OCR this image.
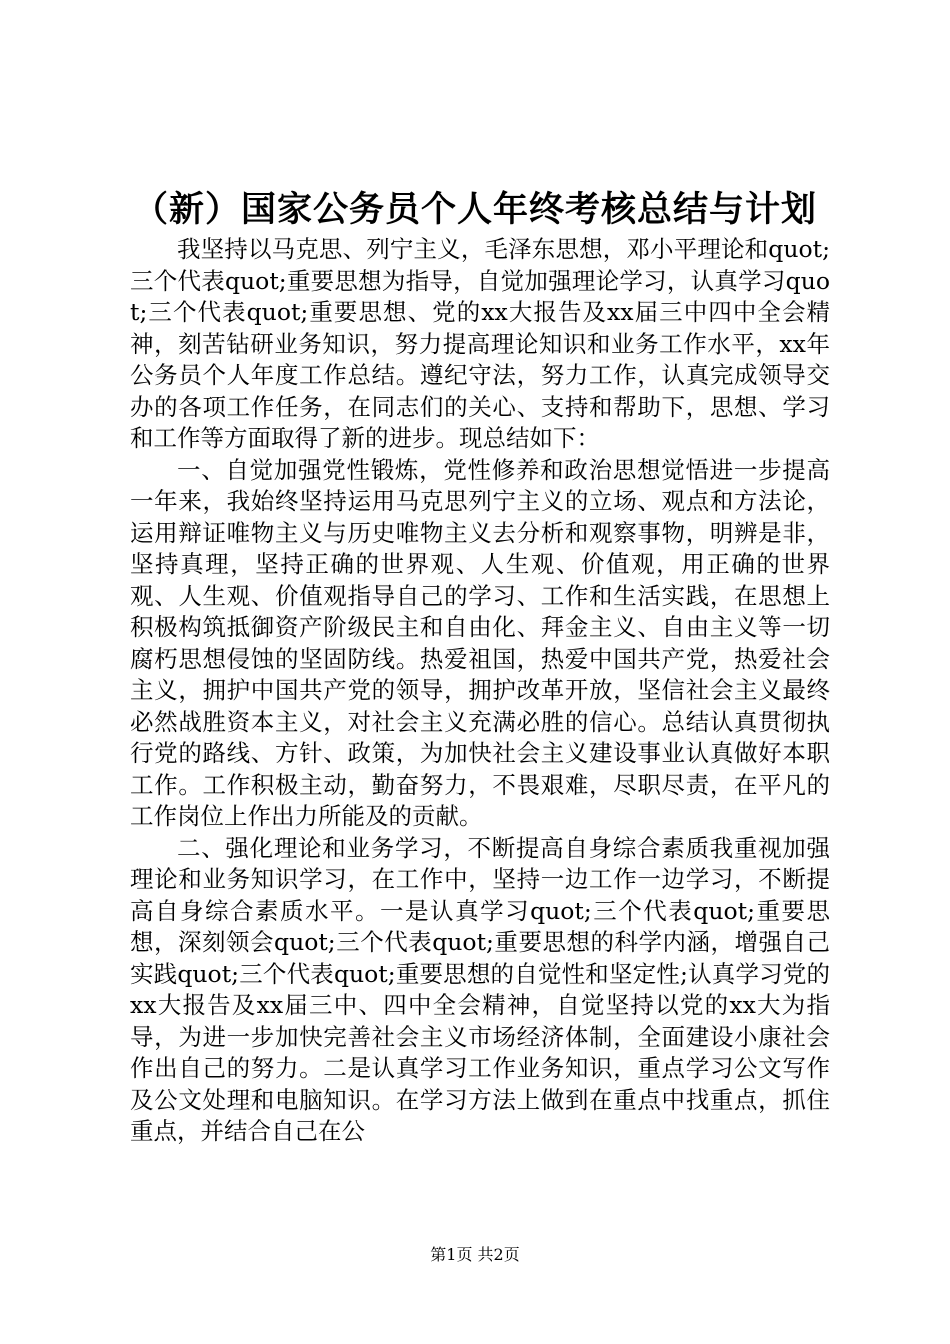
（新）国家公务员个人年终考核总结与计划

我坚持以马克思、列宁主义，毛泽东思想，邓小平理论和quot;三个代表quot;重要思想为指导，自觉加强理论学习，认真学习quot;三个代表quot;重要思想、党的xx大报告及xx届三中四中全会精神，刻苦钻研业务知识，努力提高理论知识和业务工作水平，xx年公务员个人年度工作总结。遵纪守法，努力工作，认真完成领导交办的各项工作任务，在同志们的关心、支持和帮助下，思想、学习和工作等方面取得了新的进步。现总结如下：

一、自觉加强党性锻炼，党性修养和政治思想觉悟进一步提高一年来，我始终坚持运用马克思列宁主义的立场、观点和方法论，运用辩证唯物主义与历史唯物主义去分析和观察事物，明辨是非，坚持真理，坚持正确的世界观、人生观、价值观，用正确的世界观、人生观、价值观指导自己的学习、工作和生活实践，在思想上积极构筑抵御资产阶级民主和自由化、拜金主义、自由主义等一切腐朽思想侵蚀的坚固防线。热爱祖国，热爱中国共产党，热爱社会主义，拥护中国共产党的领导，拥护改革开放，坚信社会主义最终必然战胜资本主义，对社会主义充满必胜的信心。总结认真贯彻执行党的路线、方针、政策，为加快社会主义建设事业认真做好本职工作。工作积极主动，勤奋努力，不畏艰难，尽职尽责，在平凡的工作岗位上作出力所能及的贡献。

二、强化理论和业务学习，不断提高自身综合素质我重视加强理论和业务知识学习，在工作中，坚持一边工作一边学习，不断提高自身综合素质水平。一是认真学习quot;三个代表quot;重要思想，深刻领会quot;三个代表quot;重要思想的科学内涵，增强自己实践quot;三个代表quot;重要思想的自觉性和坚定性;认真学习党的xx大报告及xx届三中、四中全会精神，自觉坚持以党的xx大为指导，为进一步加快完善社会主义市场经济体制，全面建设小康社会作出自己的努力。二是认真学习工作业务知识，重点学习公文写作及公文处理和电脑知识。在学习方法上做到在重点中找重点，抓住重点，并结合自己在公

第1页 共2页
